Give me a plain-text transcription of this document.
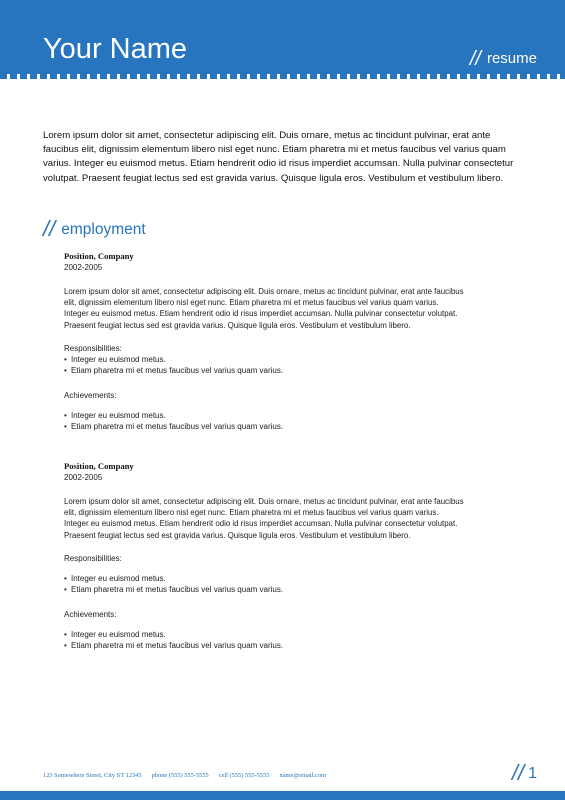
Your Name	// resume
Lorem ipsum dolor sit amet, consectetur adipiscing elit. Duis ornare, metus ac tincidunt pulvinar, erat ante faucibus elit, dignissim elementum libero nisl eget nunc. Etiam pharetra mi et metus faucibus vel varius quam varius. Integer eu euismod metus. Etiam hendrerit odio id risus imperdiet accumsan. Nulla pulvinar consectetur volutpat. Praesent feugiat lectus sed est gravida varius. Quisque ligula eros. Vestibulum et vestibulum libero.
// employment
Position, Company
2002-2005
Lorem ipsum dolor sit amet, consectetur adipiscing elit. Duis ornare, metus ac tincidunt pulvinar, erat ante faucibus elit, dignissim elementum libero nisl eget nunc. Etiam pharetra mi et metus faucibus vel varius quam varius. Integer eu euismod metus. Etiam hendrerit odio id risus imperdiet accumsan. Nulla pulvinar consectetur volutpat. Praesent feugiat lectus sed est gravida varius. Quisque ligula eros. Vestibulum et vestibulum libero.
Responsibilities:
• Integer eu euismod metus.
• Etiam pharetra mi et metus faucibus vel varius quam varius.
Achievements:
• Integer eu euismod metus.
• Etiam pharetra mi et metus faucibus vel varius quam varius.
Position, Company
2002-2005
Lorem ipsum dolor sit amet, consectetur adipiscing elit. Duis ornare, metus ac tincidunt pulvinar, erat ante faucibus elit, dignissim elementum libero nisl eget nunc. Etiam pharetra mi et metus faucibus vel varius quam varius. Integer eu euismod metus. Etiam hendrerit odio id risus imperdiet accumsan. Nulla pulvinar consectetur volutpat. Praesent feugiat lectus sed est gravida varius. Quisque ligula eros. Vestibulum et vestibulum libero.
Responsibilities:
• Integer eu euismod metus.
• Etiam pharetra mi et metus faucibus vel varius quam varius.
Achievements:
• Integer eu euismod metus.
• Etiam pharetra mi et metus faucibus vel varius quam varius.
123 Somewhere Street, City ST 12345 phone (555) 555-5555 cell (555) 555-5555 name@email.com	// 1
